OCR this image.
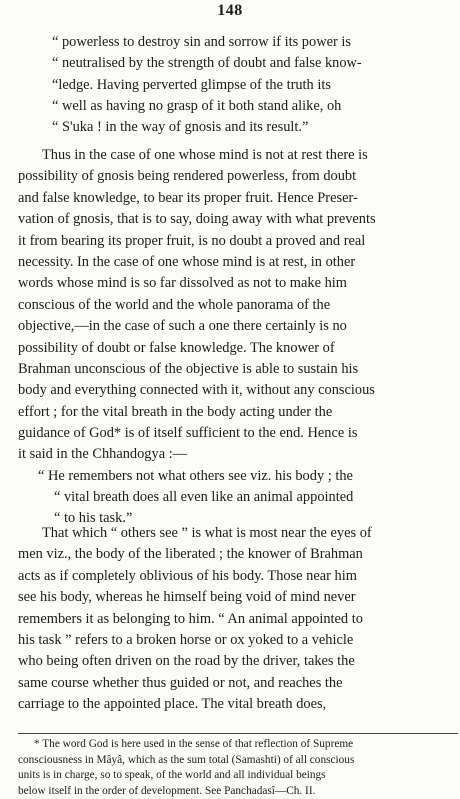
148
“ powerless to destroy sin and sorrow if its power is
“ neutralised by the strength of doubt and false know-
“ledge. Having perverted glimpse of the truth its
“ well as having no grasp of it both stand alike, oh
“ S'uka ! in the way of gnosis and its result.”
Thus in the case of one whose mind is not at rest there is
possibility of gnosis being rendered powerless, from doubt
and false knowledge, to bear its proper fruit. Hence Preser-
vation of gnosis, that is to say, doing away with what prevents
it from bearing its proper fruit, is no doubt a proved and real
necessity. In the case of one whose mind is at rest, in other
words whose mind is so far dissolved as not to make him
conscious of the world and the whole panorama of the
objective,—in the case of such a one there certainly is no
possibility of doubt or false knowledge. The knower of
Brahman unconscious of the objective is able to sustain his
body and everything connected with it, without any conscious
effort ; for the vital breath in the body acting under the
guidance of God* is of itself sufficient to the end. Hence is
it said in the Chhandogya :—
“ He remembers not what others see viz. his body ; the
“ vital breath does all even like an animal appointed
“ to his task.”
That which “ others see ” is what is most near the eyes of
men viz., the body of the liberated ; the knower of Brahman
acts as if completely oblivious of his body. Those near him
see his body, whereas he himself being void of mind never
remembers it as belonging to him. “ An animal appointed to
his task ” refers to a broken horse or ox yoked to a vehicle
who being often driven on the road by the driver, takes the
same course whether thus guided or not, and reaches the
carriage to the appointed place. The vital breath does,
* The word God is here used in the sense of that reflection of Supreme
consciousness in Mâyâ, which as the sum total (Samashti) of all conscious
units is in charge, so to speak, of the world and all individual beings
below itself in the order of development. See Panchadasî—Ch. II.
